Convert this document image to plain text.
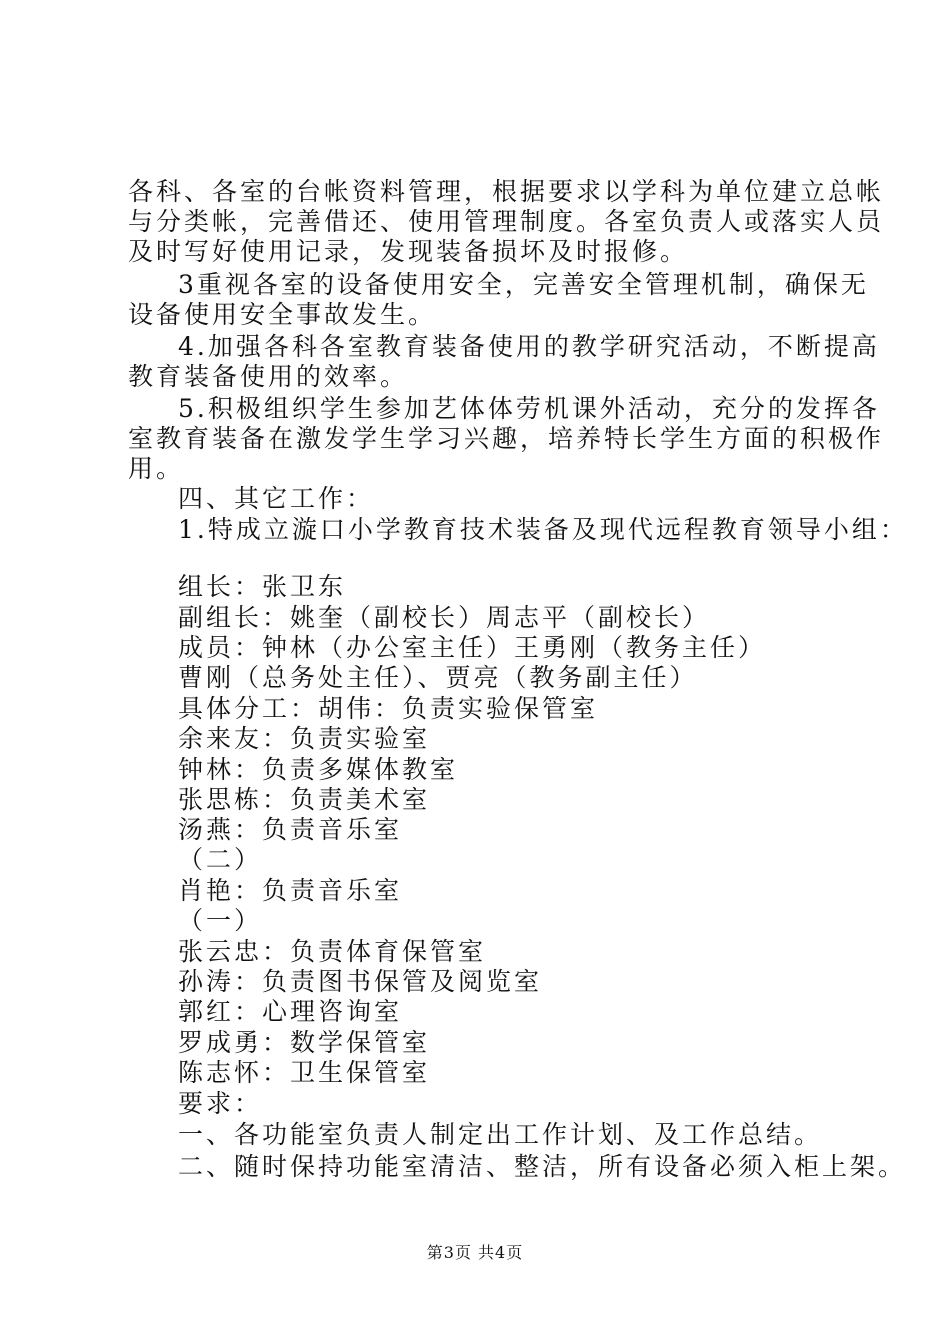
各科、各室的台帐资料管理，根据要求以学科为单位建立总帐
与分类帐，完善借还、使用管理制度。各室负责人或落实人员
及时写好使用记录，发现装备损坏及时报修。
3重视各室的设备使用安全，完善安全管理机制，确保无
设备使用安全事故发生。
4.加强各科各室教育装备使用的教学研究活动，不断提高
教育装备使用的效率。
5.积极组织学生参加艺体体劳机课外活动，充分的发挥各
室教育装备在激发学生学习兴趣，培养特长学生方面的积极作
用。
四、其它工作：
1.特成立漩口小学教育技术装备及现代远程教育领导小组：
组长：张卫东
副组长：姚奎（副校长）周志平（副校长）
成员：钟林（办公室主任）王勇刚（教务主任）
曹刚（总务处主任）、贾亮（教务副主任）
具体分工：胡伟：负责实验保管室
余来友：负责实验室
钟林：负责多媒体教室
张思栋：负责美术室
汤燕：负责音乐室
（二）
肖艳：负责音乐室
（一）
张云忠：负责体育保管室
孙涛：负责图书保管及阅览室
郭红：心理咨询室
罗成勇：数学保管室
陈志怀：卫生保管室
要求：
一、各功能室负责人制定出工作计划、及工作总结。
二、随时保持功能室清洁、整洁，所有设备必须入柜上架。
第3页 共4页
